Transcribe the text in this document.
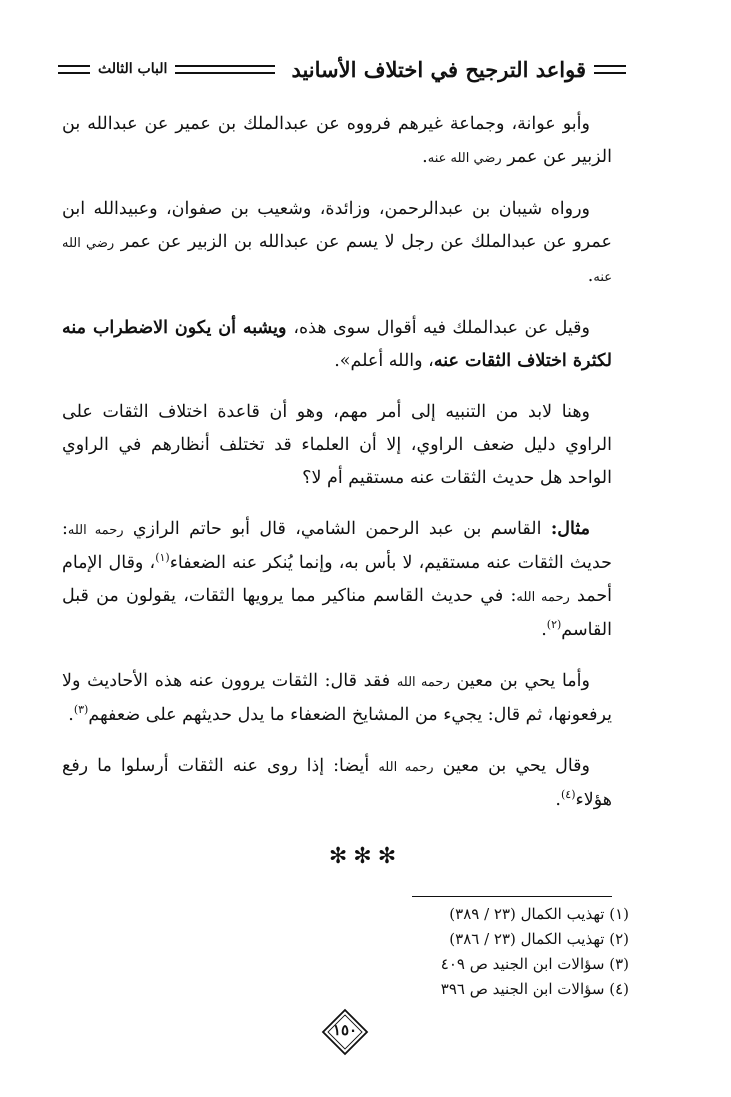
قواعد الترجيح في اختلاف الأسانيد
الباب الثالث

وأبو عوانة، وجماعة غيرهم فرووه عن عبدالملك بن عمير عن عبدالله بن الزبير عن عمر رضي الله عنه.

ورواه شيبان بن عبدالرحمن، وزائدة، وشعيب بن صفوان، وعبيدالله ابن عمرو عن عبدالملك عن رجل لا يسم عن عبدالله بن الزبير عن عمر رضي الله عنه.

وقيل عن عبدالملك فيه أقوال سوى هذه، ويشبه أن يكون الاضطراب منه لكثرة اختلاف الثقات عنه، والله أعلم».

وهنا لابد من التنبيه إلى أمر مهم، وهو أن قاعدة اختلاف الثقات على الراوي دليل ضعف الراوي، إلا أن العلماء قد تختلف أنظارهم في الراوي الواحد هل حديث الثقات عنه مستقيم أم لا؟

مثال: القاسم بن عبد الرحمن الشامي، قال أبو حاتم الرازي رحمه الله: حديث الثقات عنه مستقيم، لا بأس به، وإنما يُنكر عنه الضعفاء$^{(١)}$، وقال الإمام أحمد رحمه الله: في حديث القاسم مناكير مما يرويها الثقات، يقولون من قبل القاسم$^{(٢)}$.

وأما يحي بن معين رحمه الله فقد قال: الثقات يروون عنه هذه الأحاديث ولا يرفعونها، ثم قال: يجيء من المشايخ الضعفاء ما يدل حديثهم على ضعفهم$^{(٣)}$.

وقال يحي بن معين رحمه الله أيضا: إذا روى عنه الثقات أرسلوا ما رفع هؤلاء$^{(٤)}$.

✻✻✻

(١) تهذيب الكمال (٢٣ / ٣٨٩)

(٢) تهذيب الكمال (٢٣ / ٣٨٦)

(٣) سؤالات ابن الجنيد ص ٤٠٩

(٤) سؤالات ابن الجنيد ص ٣٩٦

١٥٠
